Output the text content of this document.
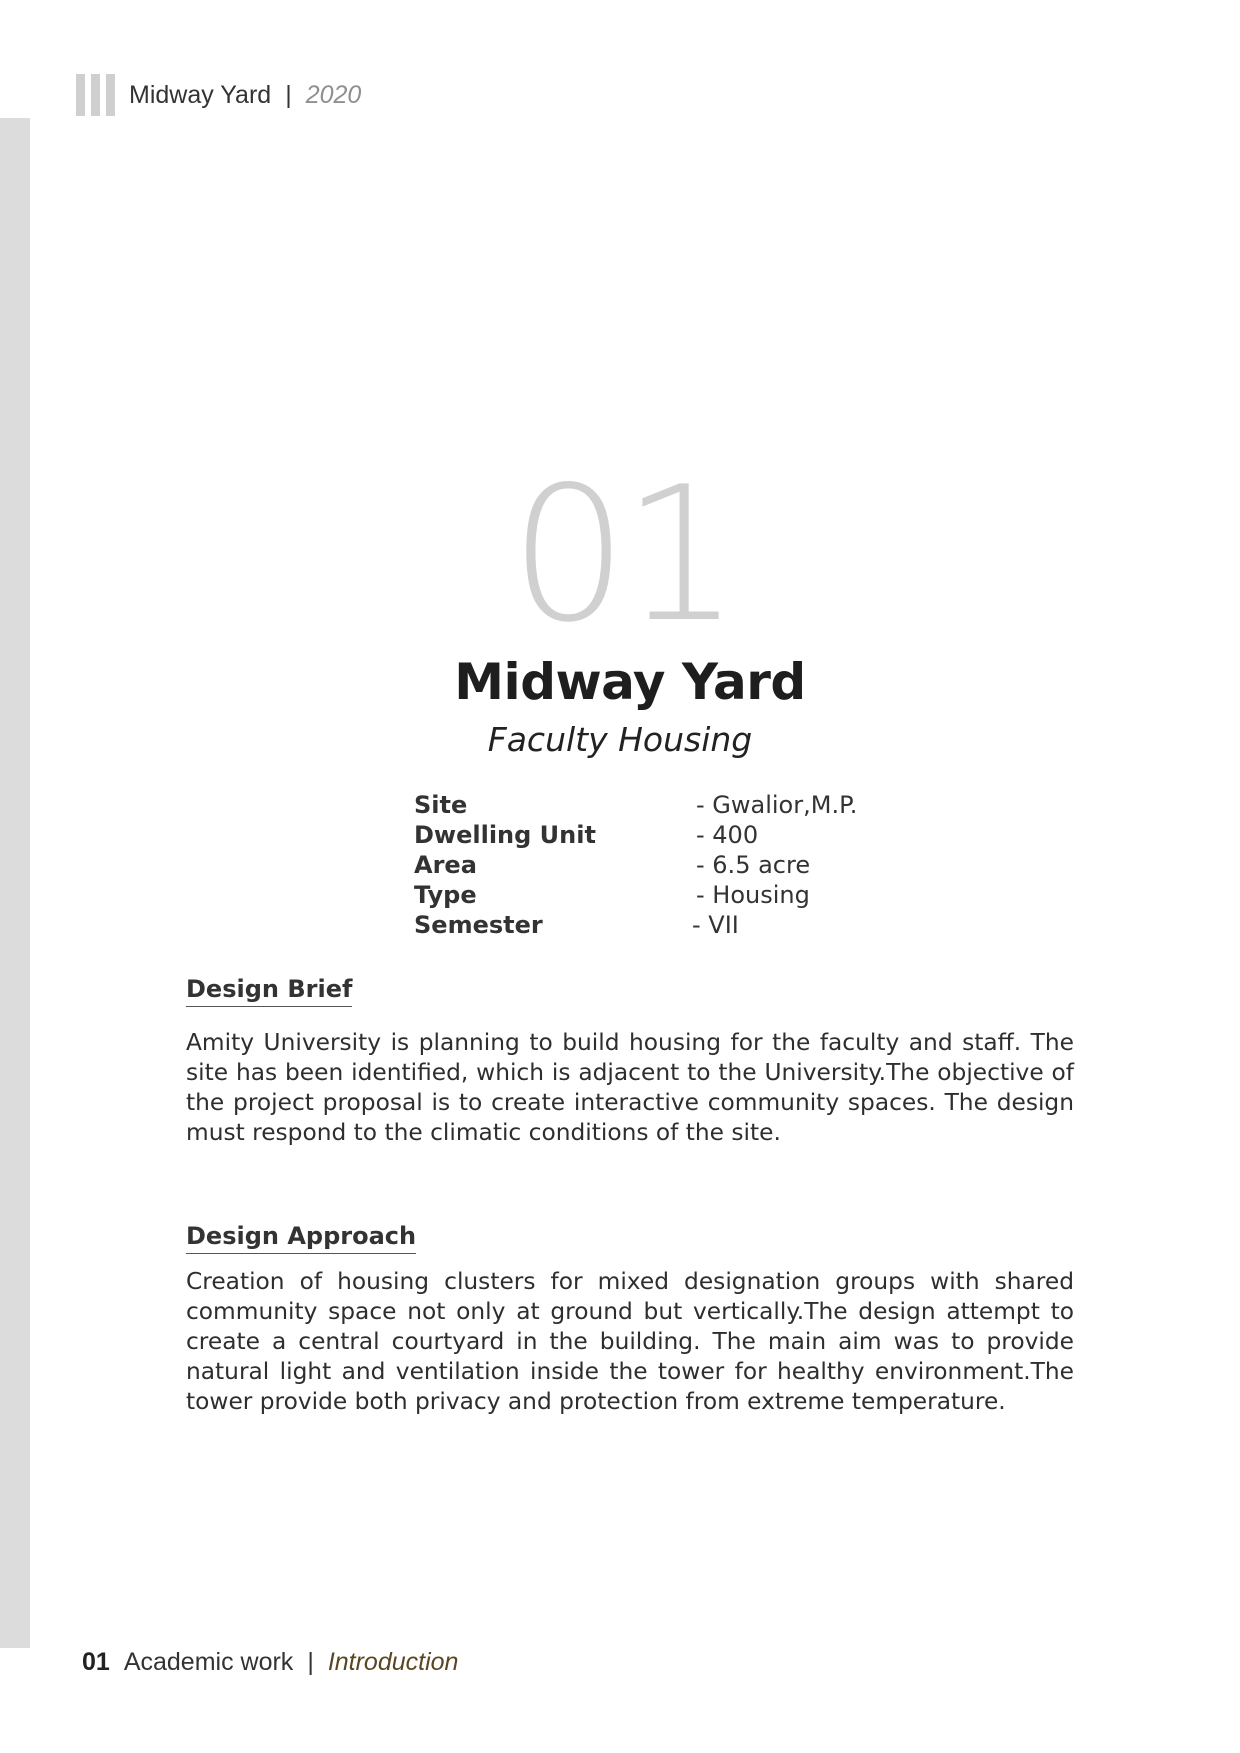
Midway Yard | 2020
01
Midway Yard
Faculty Housing
Site	- Gwalior,M.P.
Dwelling Unit	- 400
Area	- 6.5 acre
Type	- Housing
Semester	- VII
Design Brief
Amity University is planning to build housing for the faculty and staff. The site has been identified, which is adjacent to the University.The objective of the project proposal is to create interactive community spaces. The design must respond to the climatic conditions of the site.
Design Approach
Creation of housing clusters for mixed designation groups with shared community space not only at ground but vertically.The design attempt to create a central courtyard in the building. The main aim was to provide natural light and ventilation inside the tower for healthy environment.The tower provide both privacy and protection from extreme temperature.
01 Academic work | Introduction
